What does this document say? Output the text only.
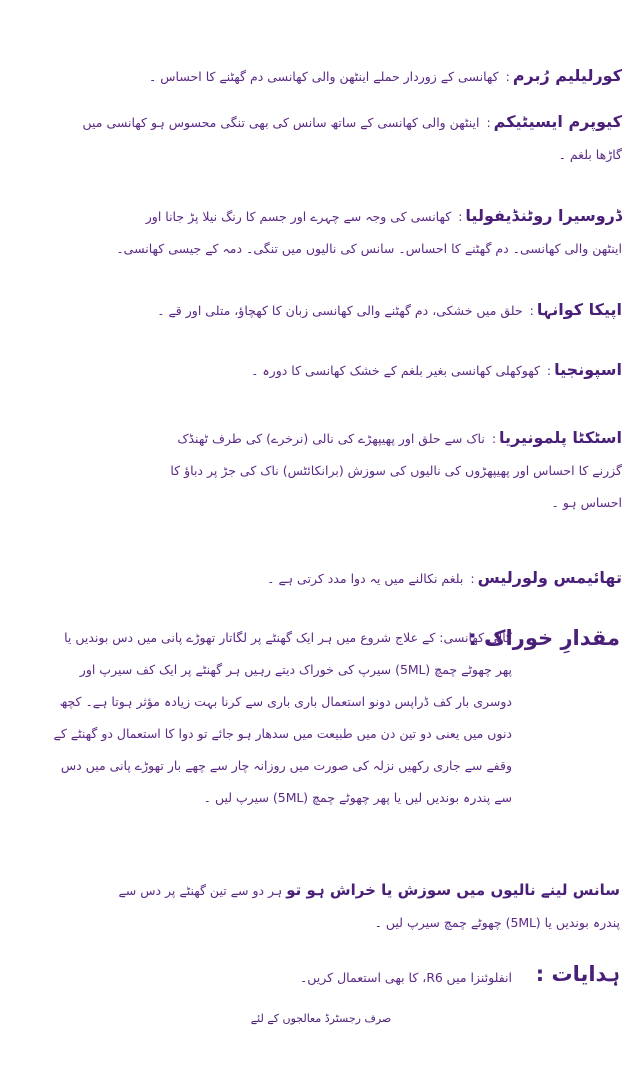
کورلیلیم رُبرم: کھانسی کے زوردار حملے اینٹھن والی کھانسی دم گھٹنے کا احساس ۔
کیوپرم ایسیٹیکم: اینٹھن والی کھانسی کے ساتھ سانس کی بھی تنگی محسوس ہو کھانسی میں
گاڑھا بلغم ۔
ڈروسیرا روٹنڈیفولیا: کھانسی کی وجہ سے چہرے اور جسم کا رنگ نیلا پڑ جانا اور
اینٹھن والی کھانسی۔ دم گھٹنے کا احساس۔ سانس کی نالیوں میں تنگی۔ دمہ کے جیسی کھانسی۔
اپیکا کوانہا: حلق میں خشکی، دم گھٹنے والی کھانسی زبان کا کھچاؤ، متلی اور قے ۔
اسپونجیا: کھوکھلی کھانسی بغیر بلغم کے خشک کھانسی کا دورہ ۔
اسٹکٹا پلمونیریا: ناک سے حلق اور پھیپھڑے کی نالی (نرخرے) کی طرف ٹھنڈک
گزرنے کا احساس اور پھیپھڑوں کی نالیوں کی سوزش (برانکائٹس) ناک کی جڑ پر دباؤ کا
احساس ہو ۔
تھائیمس ولورلیس: بلغم نکالنے میں یہ دوا مدد کرتی ہے ۔
مقدارِ خوراک :
کالی کھانسی: کے علاج شروع میں ہر ایک گھنٹے پر لگاتار تھوڑے پانی میں دس بوندیں یا
پھر چھوٹے چمچ (5ML) سیرپ کی خوراک دیتے رہیں ہر گھنٹے پر ایک کف سیرپ اور
دوسری بار کف ڈراپس دونو استعمال باری باری سے کرنا بہت زیادہ مؤثر ہوتا ہے۔ کچھ
دنوں میں یعنی دو تین دن میں طبیعت میں سدھار ہو جائے تو دوا کا استعمال دو گھنٹے کے
وقفے سے جاری رکھیں نزلہ کی صورت میں روزانہ چار سے چھے بار تھوڑے پانی میں دس
سے پندرہ بوندیں لیں یا پھر چھوٹے چمچ (5ML) سیرپ لیں ۔
سانس لینے نالیوں میں سوزش یا خراش ہو تو ہر دو سے تین گھنٹے پر دس سے
پندرہ بوندیں یا (5ML) چھوٹے چمچ سیرپ لیں ۔
ہدایات :
انفلوئنزا میں R6، کا بھی استعمال کریں۔
صرف رجسٹرڈ معالجوں کے لئے
